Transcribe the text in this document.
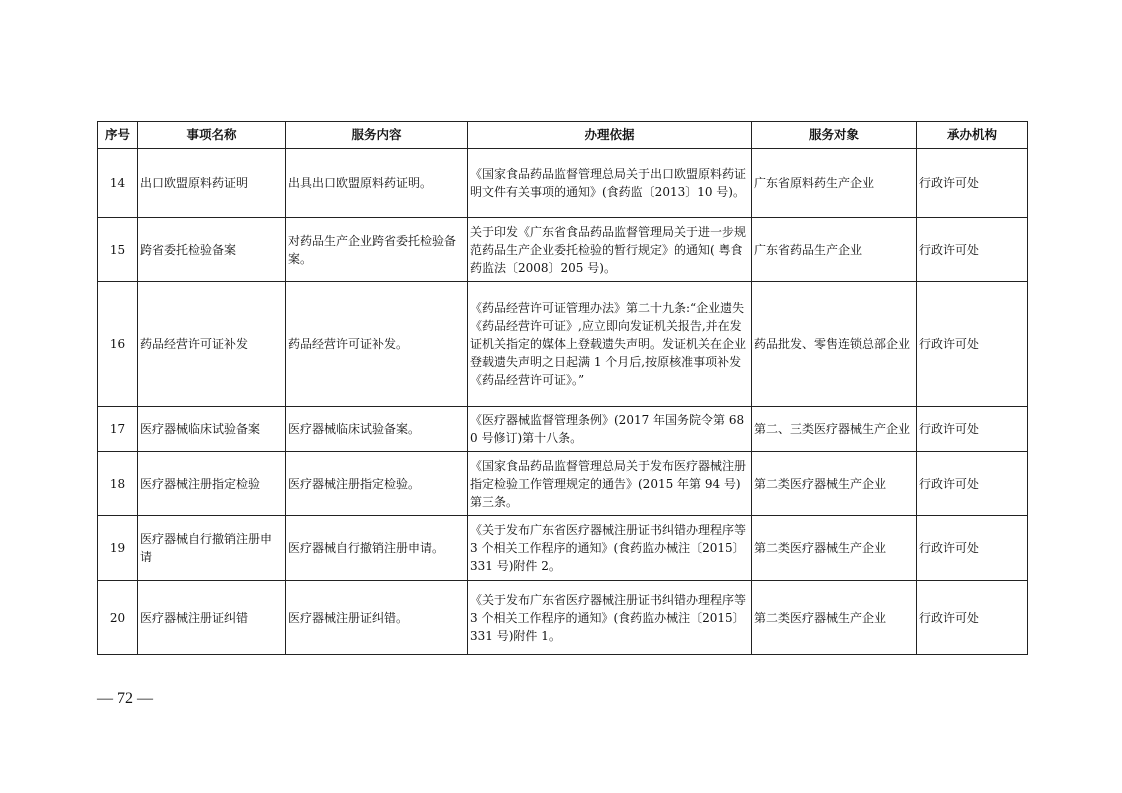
序号	事项名称	服务内容	办理依据	服务对象	承办机构
14	出口欧盟原料药证明	出具出口欧盟原料药证明。	《国家食品药品监督管理总局关于出口欧盟原料药证明文件有关事项的通知》(食药监〔2013〕10 号)。	广东省原料药生产企业	行政许可处
15	跨省委托检验备案	对药品生产企业跨省委托检验备案。	关于印发《广东省食品药品监督管理局关于进一步规范药品生产企业委托检验的暂行规定》的通知( 粤食药监法〔2008〕205 号)。	广东省药品生产企业	行政许可处
16	药品经营许可证补发	药品经营许可证补发。	《药品经营许可证管理办法》第二十九条:“企业遗失《药品经营许可证》,应立即向发证机关报告,并在发证机关指定的媒体上登载遗失声明。发证机关在企业登载遗失声明之日起满 1 个月后,按原核准事项补发《药品经营许可证》。”	药品批发、零售连锁总部企业	行政许可处
17	医疗器械临床试验备案	医疗器械临床试验备案。	《医疗器械监督管理条例》(2017 年国务院令第 680 号修订)第十八条。	第二、三类医疗器械生产企业	行政许可处
18	医疗器械注册指定检验	医疗器械注册指定检验。	《国家食品药品监督管理总局关于发布医疗器械注册指定检验工作管理规定的通告》(2015 年第 94 号)第三条。	第二类医疗器械生产企业	行政许可处
19	医疗器械自行撤销注册申请	医疗器械自行撤销注册申请。	《关于发布广东省医疗器械注册证书纠错办理程序等 3 个相关工作程序的通知》(食药监办械注〔2015〕331 号)附件 2。	第二类医疗器械生产企业	行政许可处
20	医疗器械注册证纠错	医疗器械注册证纠错。	《关于发布广东省医疗器械注册证书纠错办理程序等 3 个相关工作程序的通知》(食药监办械注〔2015〕331 号)附件 1。	第二类医疗器械生产企业	行政许可处
— 72 —
